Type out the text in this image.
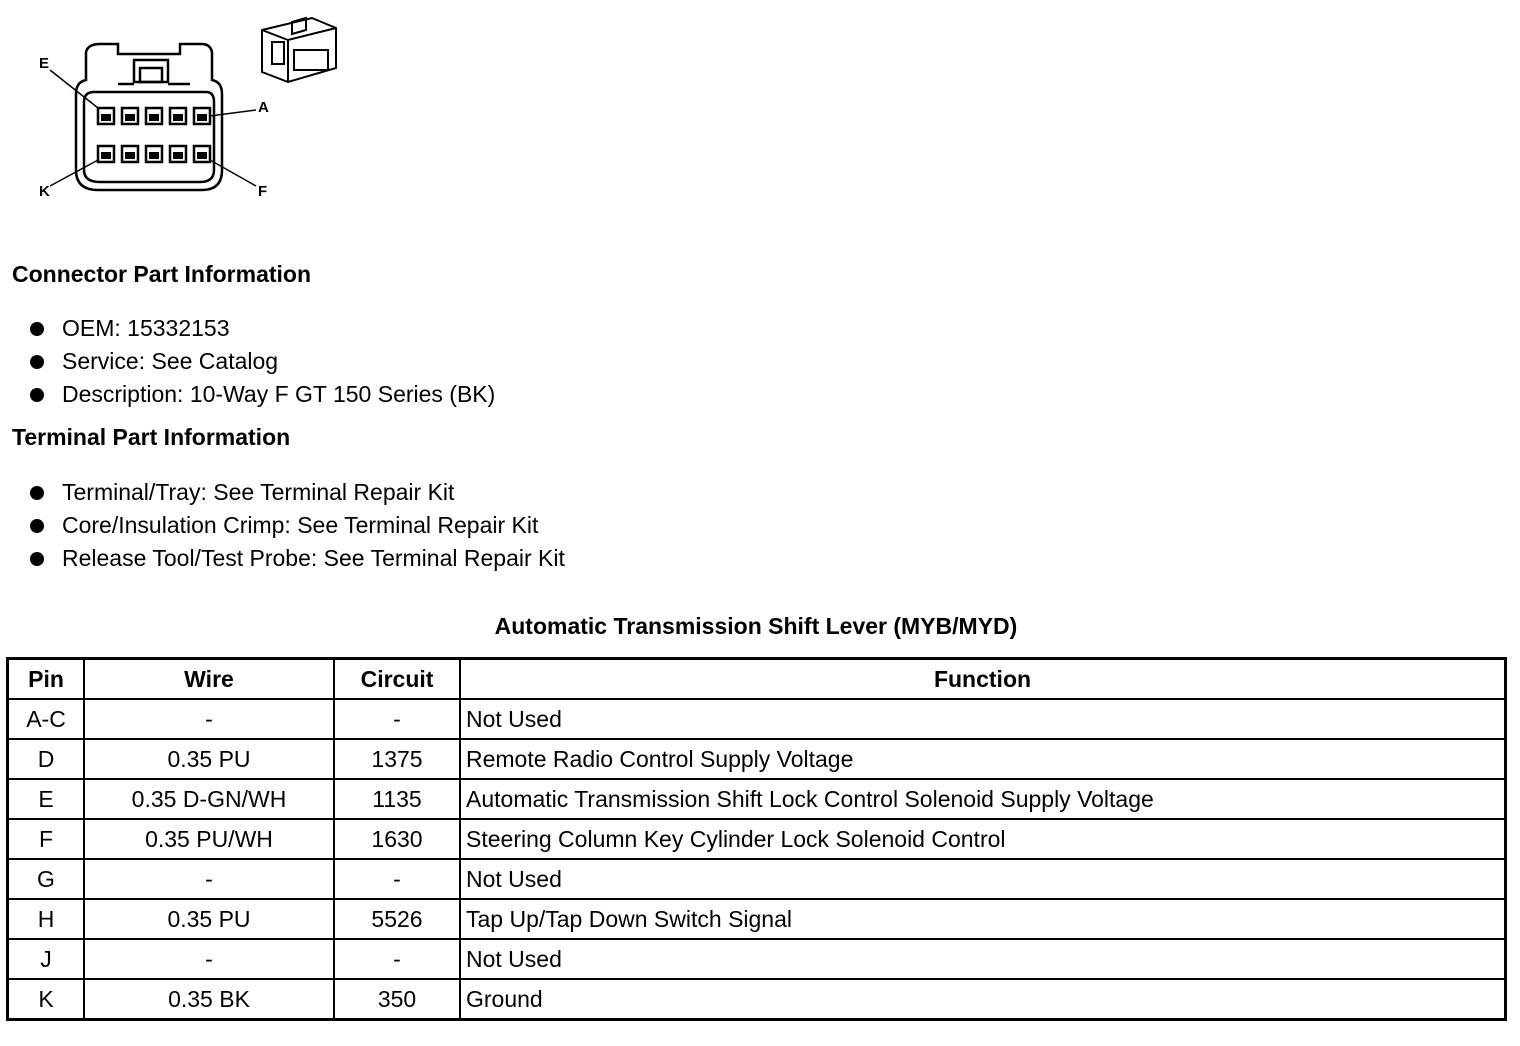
E
A
K	F
Connector Part Information
OEM: 15332153
Service: See Catalog
Description: 10-Way F GT 150 Series (BK)
Terminal Part Information
Terminal/Tray: See Terminal Repair Kit
Core/Insulation Crimp: See Terminal Repair Kit
Release Tool/Test Probe: See Terminal Repair Kit
Automatic Transmission Shift Lever (MYB/MYD)
Pin	Wire	Circuit	Function
A-C	-	-	Not Used
D	0.35 PU	1375	Remote Radio Control Supply Voltage
E	0.35 D-GN/WH	1135	Automatic Transmission Shift Lock Control Solenoid Supply Voltage
F	0.35 PU/WH	1630	Steering Column Key Cylinder Lock Solenoid Control
G	-	-	Not Used
H	0.35 PU	5526	Tap Up/Tap Down Switch Signal
J	-	-	Not Used
K	0.35 BK	350	Ground
